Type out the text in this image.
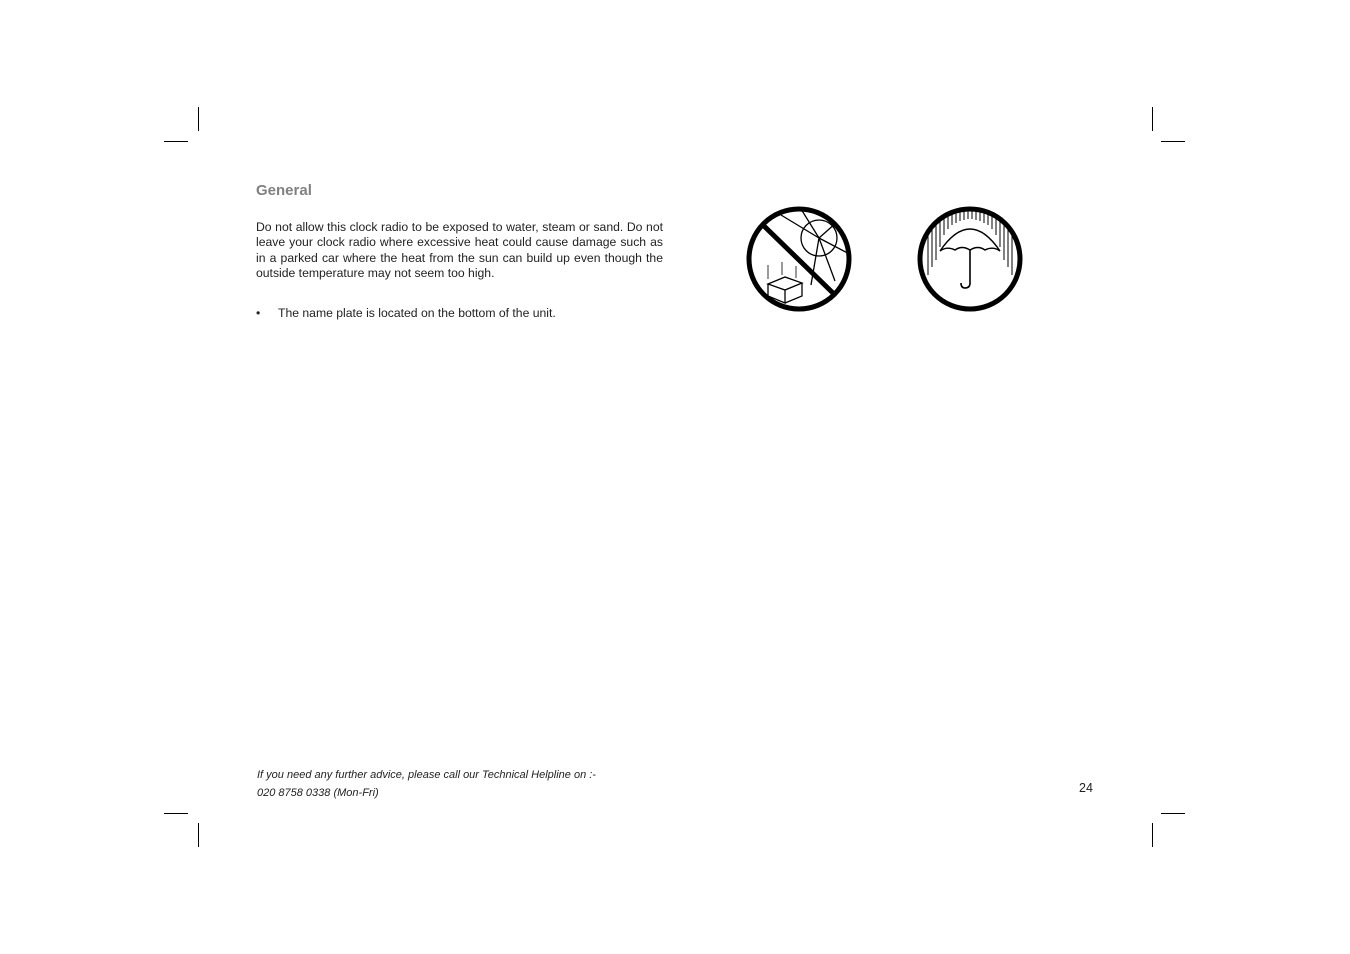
General

Do not allow this clock radio to be exposed to water, steam or sand. Do not leave your clock radio where excessive heat could cause damage such as in a parked car where the heat from the sun can build up even though the outside temperature may not seem too high.

•	The name plate is located on the bottom of the unit.
If you need any further advice, please call our Technical Helpline on :-
020 8758 0338 (Mon-Fri)	24
